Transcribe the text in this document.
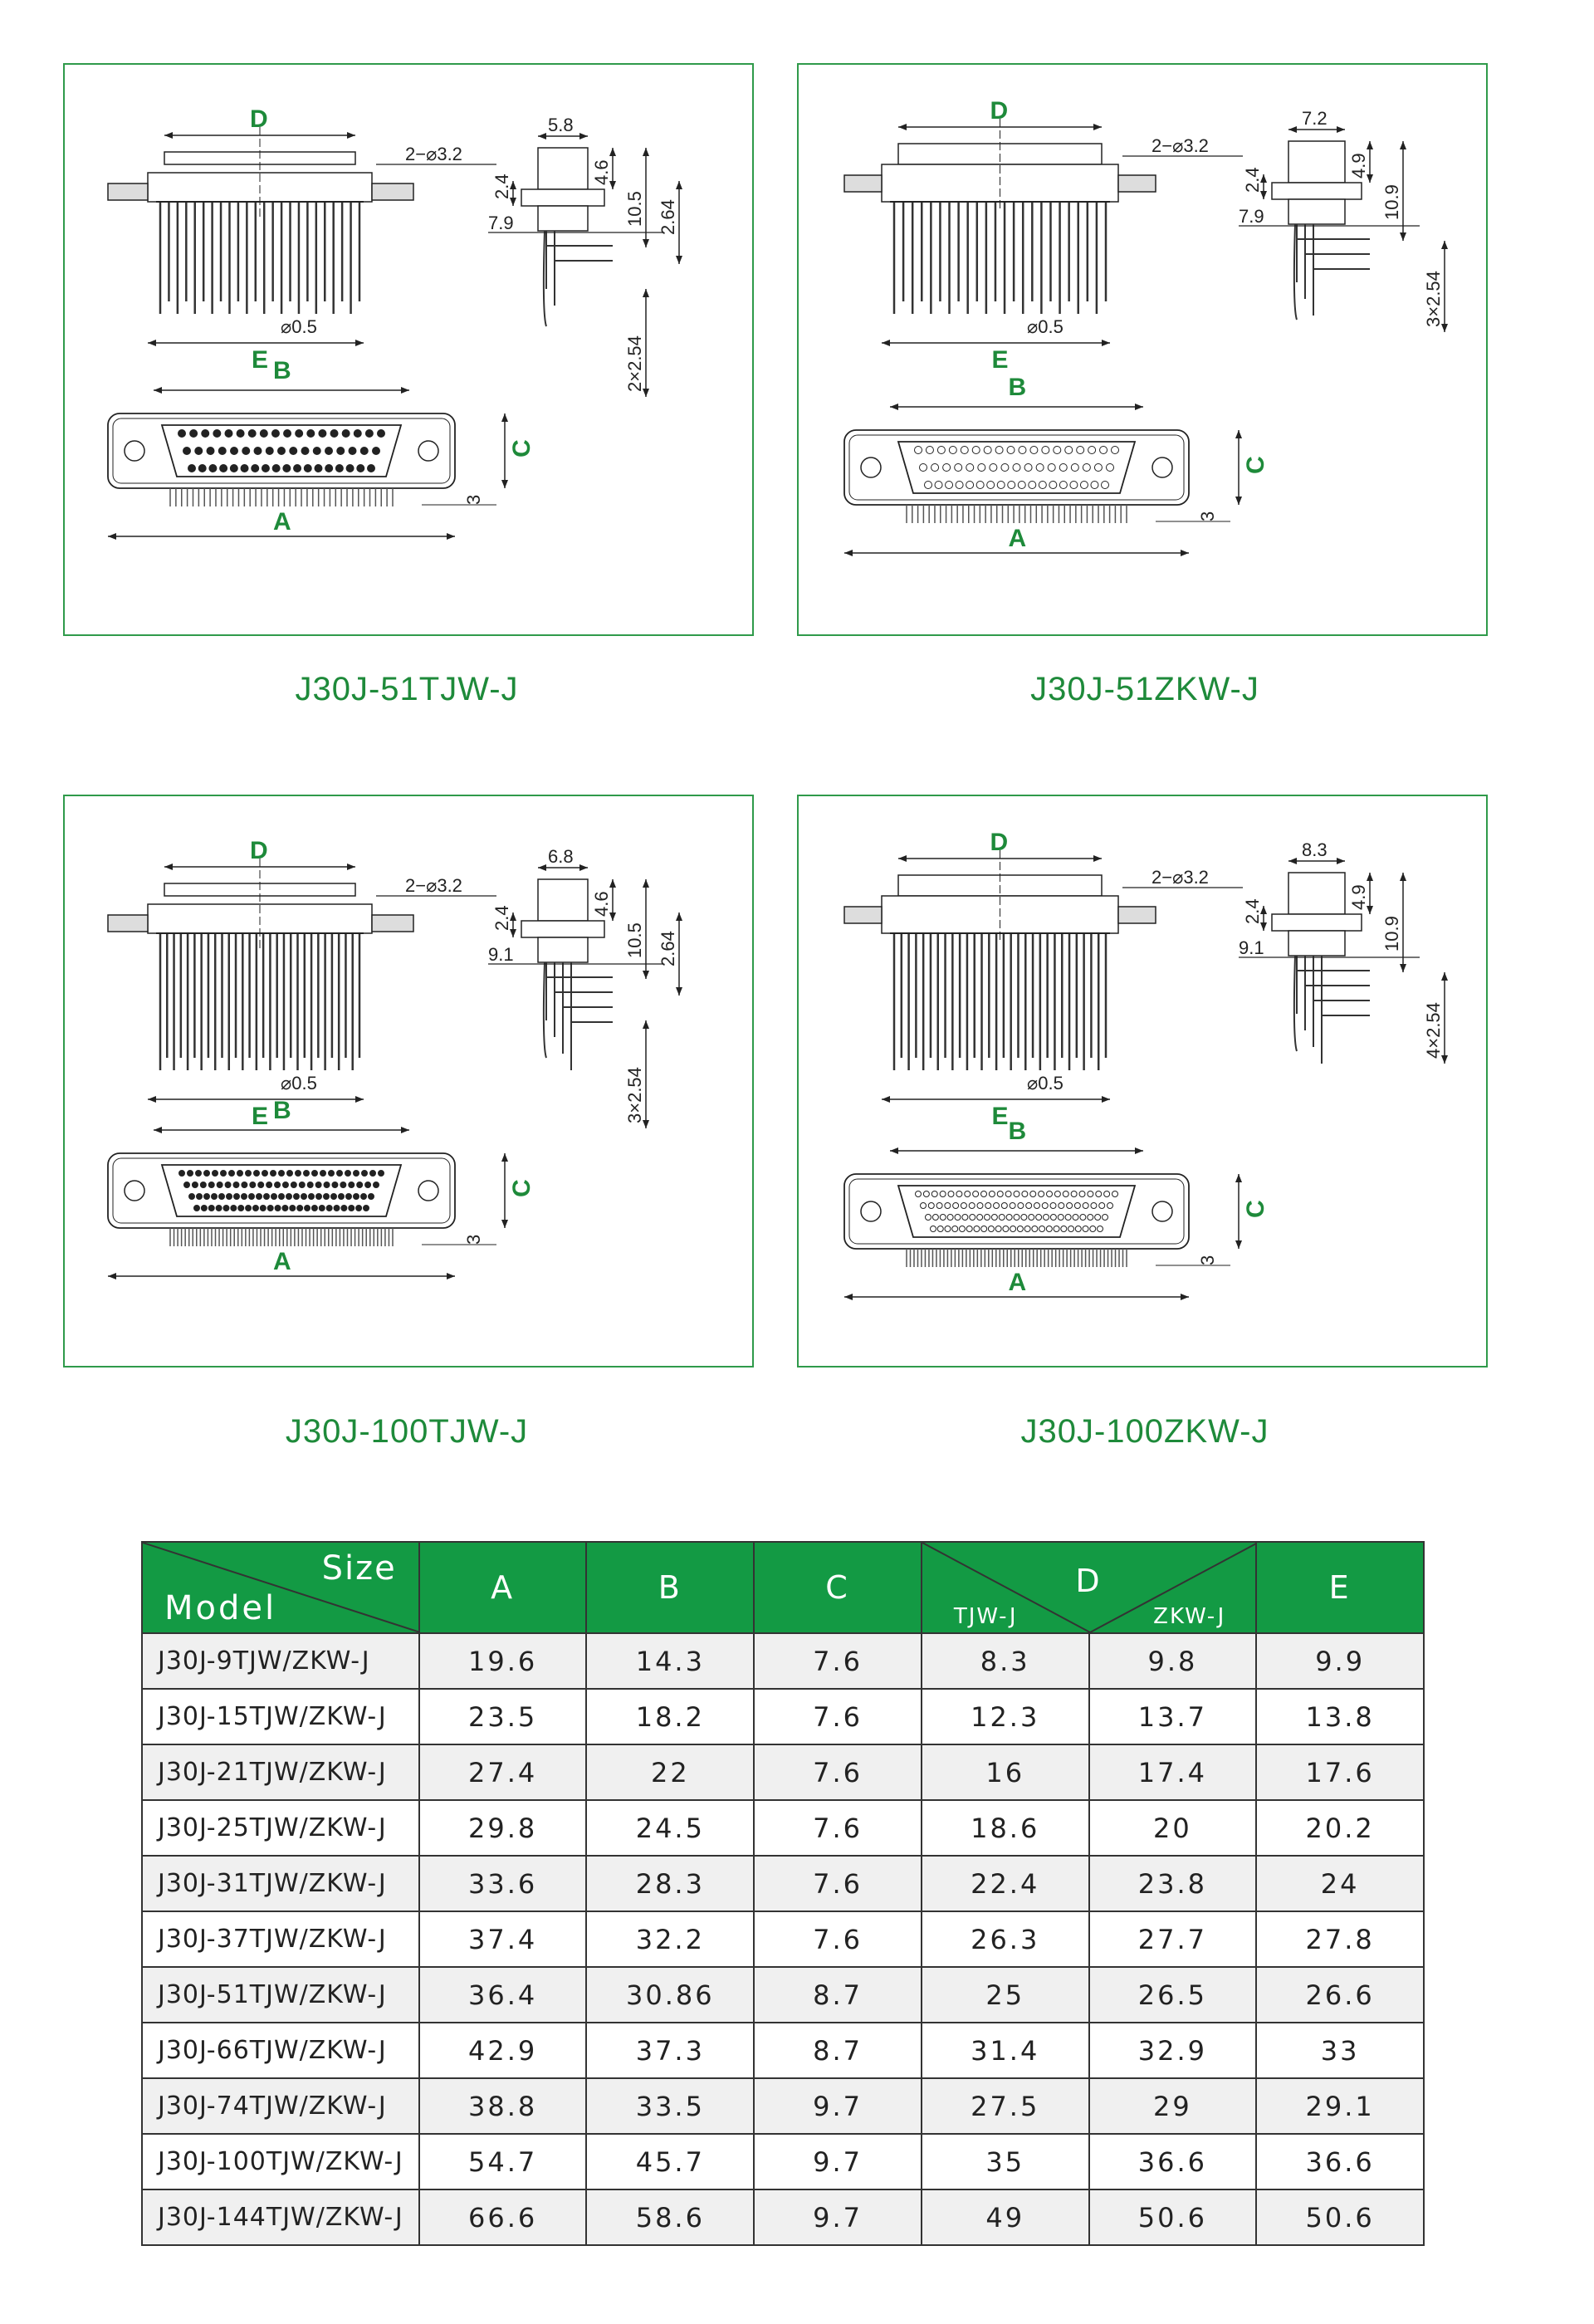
D
2−⌀3.2
E
⌀0.5
5.8
2.4
4.6
10.5 2.64
7.9
2×2.54
B
A
C
3
D
2−⌀3.2
E
⌀0.5
7.2
2.4
4.9
10.9
7.9
3×2.54
B
A
C
3
D
2−⌀3.2
E
⌀0.5
6.8
2.4
4.6
10.5 2.64
9.1
3×2.54
B
A
C
3
D
2−⌀3.2
E
⌀0.5
8.3
2.4
4.9
10.9
9.1
4×2.54
B
A
C
3
J30J-51TJW-J	J30J-51ZKW-J
J30J-100TJW-J	J30J-100ZKW-J
Size
Model	A	B	C	D
TJW-J ZKW-J		E
J30J-9TJW/ZKW-J	19.6	14.3	7.6	8.3	9.8	9.9
J30J-15TJW/ZKW-J	23.5	18.2	7.6	12.3	13.7	13.8
J30J-21TJW/ZKW-J	27.4	22	7.6	16	17.4	17.6
J30J-25TJW/ZKW-J	29.8	24.5	7.6	18.6	20	20.2
J30J-31TJW/ZKW-J	33.6	28.3	7.6	22.4	23.8	24
J30J-37TJW/ZKW-J	37.4	32.2	7.6	26.3	27.7	27.8
J30J-51TJW/ZKW-J	36.4	30.86	8.7	25	26.5	26.6
J30J-66TJW/ZKW-J	42.9	37.3	8.7	31.4	32.9	33
J30J-74TJW/ZKW-J	38.8	33.5	9.7	27.5	29	29.1
J30J-100TJW/ZKW-J	54.7	45.7	9.7	35	36.6	36.6
J30J-144TJW/ZKW-J	66.6	58.6	9.7	49	50.6	50.6
